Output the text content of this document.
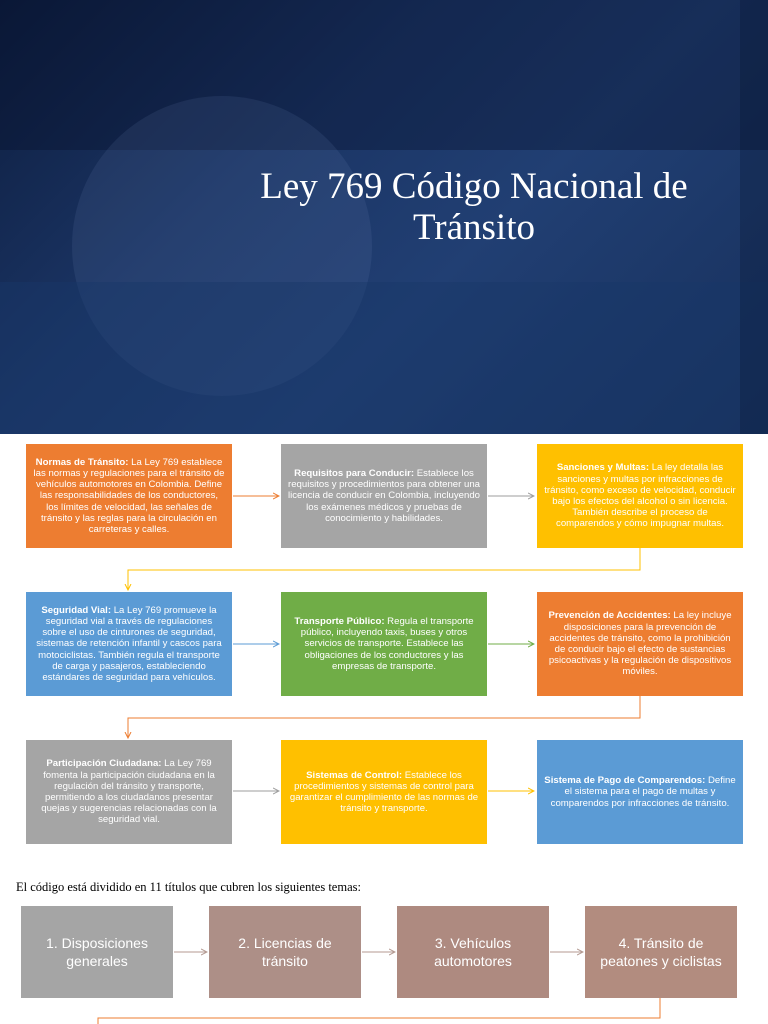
Ley 769 Código Nacional de Tránsito
Normas de Tránsito: La Ley 769 establece las normas y regulaciones para el tránsito de vehículos automotores en Colombia. Define las responsabilidades de los conductores, los límites de velocidad, las señales de tránsito y las reglas para la circulación en carreteras y calles.
Requisitos para Conducir: Establece los requisitos y procedimientos para obtener una licencia de conducir en Colombia, incluyendo los exámenes médicos y pruebas de conocimiento y habilidades.
Sanciones y Multas: La ley detalla las sanciones y multas por infracciones de tránsito, como exceso de velocidad, conducir bajo los efectos del alcohol o sin licencia. También describe el proceso de comparendos y cómo impugnar multas.
Seguridad Vial: La Ley 769 promueve la seguridad vial a través de regulaciones sobre el uso de cinturones de seguridad, sistemas de retención infantil y cascos para motociclistas. También regula el transporte de carga y pasajeros, estableciendo estándares de seguridad para vehículos.
Transporte Público: Regula el transporte público, incluyendo taxis, buses y otros servicios de transporte. Establece las obligaciones de los conductores y las empresas de transporte.
Prevención de Accidentes: La ley incluye disposiciones para la prevención de accidentes de tránsito, como la prohibición de conducir bajo el efecto de sustancias psicoactivas y la regulación de dispositivos móviles.
Participación Ciudadana: La Ley 769 fomenta la participación ciudadana en la regulación del tránsito y transporte, permitiendo a los ciudadanos presentar quejas y sugerencias relacionadas con la seguridad vial.
Sistemas de Control: Establece los procedimientos y sistemas de control para garantizar el cumplimiento de las normas de tránsito y transporte.
Sistema de Pago de Comparendos: Define el sistema para el pago de multas y comparendos por infracciones de tránsito.
El código está dividido en 11 títulos que cubren los siguientes temas:
1. Disposiciones generales
2. Licencias de tránsito
3. Vehículos automotores
4. Tránsito de peatones y ciclistas
